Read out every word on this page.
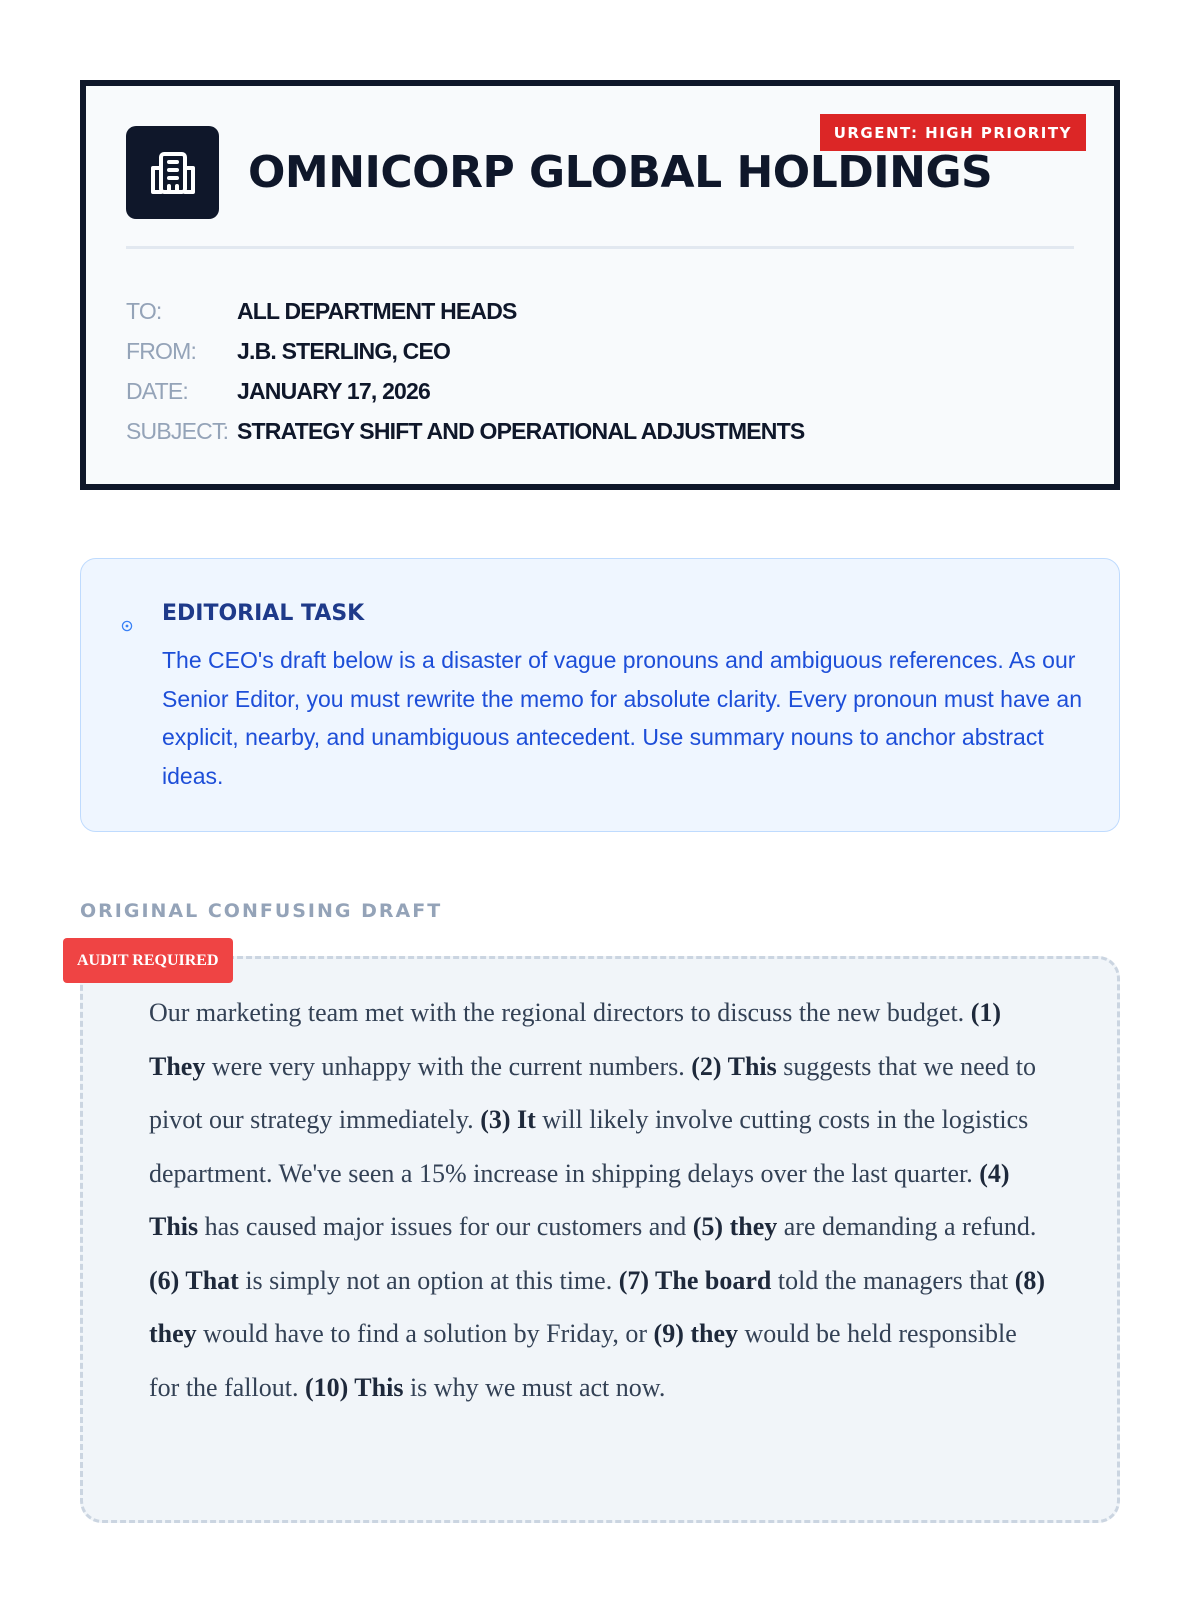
URGENT: HIGH PRIORITY
OMNICORP GLOBAL HOLDINGS
TO:	ALL DEPARTMENT HEADS
FROM:	J.B. STERLING, CEO
DATE:	JANUARY 17, 2026
SUBJECT: STRATEGY SHIFT AND OPERATIONAL ADJUSTMENTS
EDITORIAL TASK
The CEO's draft below is a disaster of vague pronouns and ambiguous references. As our Senior Editor, you must rewrite the memo for absolute clarity. Every pronoun must have an explicit, nearby, and unambiguous antecedent. Use summary nouns to anchor abstract ideas.
ORIGINAL CONFUSING DRAFT
Our marketing team met with the regional directors to discuss the new budget. (1) They were very unhappy with the current numbers. (2) This suggests that we need to pivot our strategy immediately. (3) It will likely involve cutting costs in the logistics department. We've seen a 15% increase in shipping delays over the last quarter. (4) This has caused major issues for our customers and (5) they are demanding a refund. (6) That is simply not an option at this time. (7) The board told the managers that (8) they would have to find a solution by Friday, or (9) they would be held responsible for the fallout. (10) This is why we must act now.
AUDIT REQUIRED
